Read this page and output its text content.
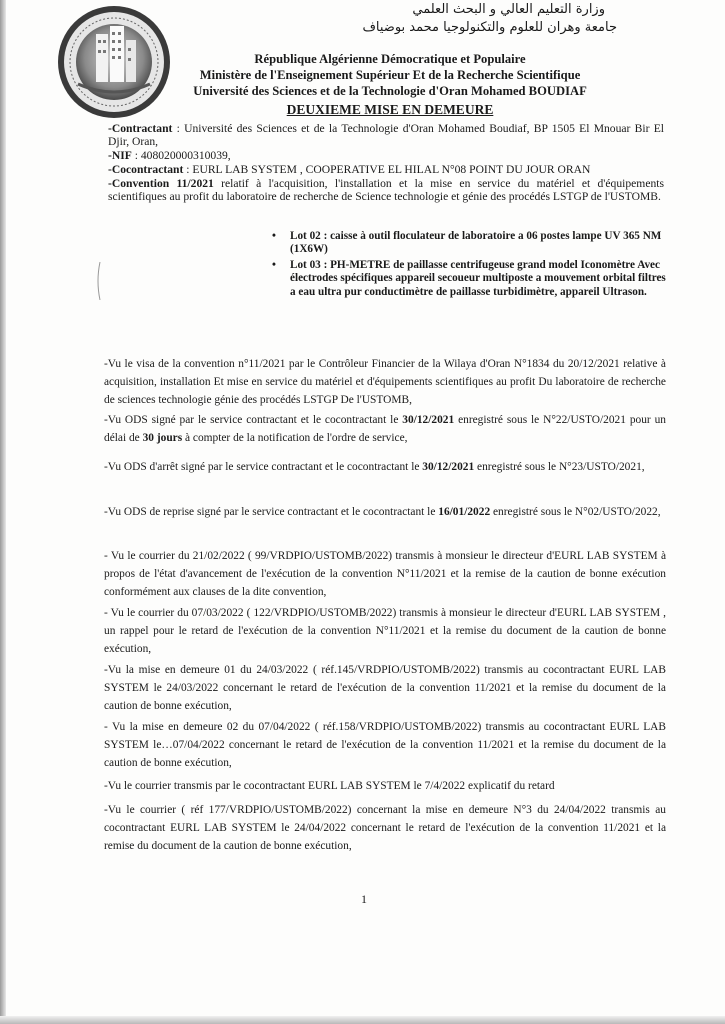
وزارة التعليم العالي و البحث العلمي
جامعة وهران للعلوم والتكنولوجيا محمد بوضياف
République Algérienne Démocratique et Populaire
Ministère de l'Enseignement Supérieur Et de la Recherche Scientifique
Université des Sciences et de la Technologie d'Oran Mohamed BOUDIAF
DEUXIEME MISE EN DEMEURE
-Contractant : Université des Sciences et de la Technologie d'Oran Mohamed Boudiaf, BP 1505 El Mnouar Bir El Djir, Oran,
-NIF : 408020000310039,
-Cocontractant : EURL LAB SYSTEM , COOPERATIVE EL HILAL N°08 POINT DU JOUR ORAN
-Convention 11/2021 relatif à l'acquisition, l'installation et la mise en service du matériel et d'équipements scientifiques au profit du laboratoire de recherche de Science technologie et génie des procédés LSTGP de l'USTOMB.
• Lot 02 : caisse à outil floculateur de laboratoire a 06 postes lampe UV 365 NM (1X6W)
• Lot 03 : PH-METRE de paillasse centrifugeuse grand model Iconomètre Avec électrodes spécifiques appareil secoueur multiposte a mouvement orbital filtres a eau ultra pur conductimètre de paillasse turbidimètre, appareil Ultrason.
-Vu le visa de la convention n°11/2021 par le Contrôleur Financier de la Wilaya d'Oran N°1834 du 20/12/2021 relative à acquisition, installation Et mise en service du matériel et d'équipements scientifiques au profit Du laboratoire de recherche de sciences technologie génie des procédés LSTGP De l'USTOMB,
-Vu ODS signé par le service contractant et le cocontractant le 30/12/2021 enregistré sous le N°22/USTO/2021 pour un délai de 30 jours à compter de la notification de l'ordre de service,
-Vu ODS d'arrêt signé par le service contractant et le cocontractant le 30/12/2021 enregistré sous le N°23/USTO/2021,
-Vu ODS de reprise signé par le service contractant et le cocontractant le 16/01/2022 enregistré sous le N°02/USTO/2022,
- Vu le courrier du 21/02/2022 ( 99/VRDPIO/USTOMB/2022) transmis à monsieur le directeur d'EURL LAB SYSTEM à propos de l'état d'avancement de l'exécution de la convention N°11/2021 et la remise de la caution de bonne exécution conformément aux clauses de la dite convention,
- Vu le courrier du 07/03/2022 ( 122/VRDPIO/USTOMB/2022) transmis à monsieur le directeur d'EURL LAB SYSTEM , un rappel pour le retard de l'exécution de la convention N°11/2021 et la remise du document de la caution de bonne exécution,
-Vu la mise en demeure 01 du 24/03/2022 ( réf.145/VRDPIO/USTOMB/2022) transmis au cocontractant EURL LAB SYSTEM le 24/03/2022 concernant le retard de l'exécution de la convention 11/2021 et la remise du document de la caution de bonne exécution,
- Vu la mise en demeure 02 du 07/04/2022 ( réf.158/VRDPIO/USTOMB/2022) transmis au cocontractant EURL LAB SYSTEM le…07/04/2022 concernant le retard de l'exécution de la convention 11/2021 et la remise du document de la caution de bonne exécution,
-Vu le courrier transmis par le cocontractant EURL LAB SYSTEM le 7/4/2022 explicatif du retard
-Vu le courrier ( réf 177/VRDPIO/USTOMB/2022) concernant la mise en demeure N°3 du 24/04/2022 transmis au cocontractant EURL LAB SYSTEM le 24/04/2022 concernant le retard de l'exécution de la convention 11/2021 et la remise du document de la caution de bonne exécution,
1
